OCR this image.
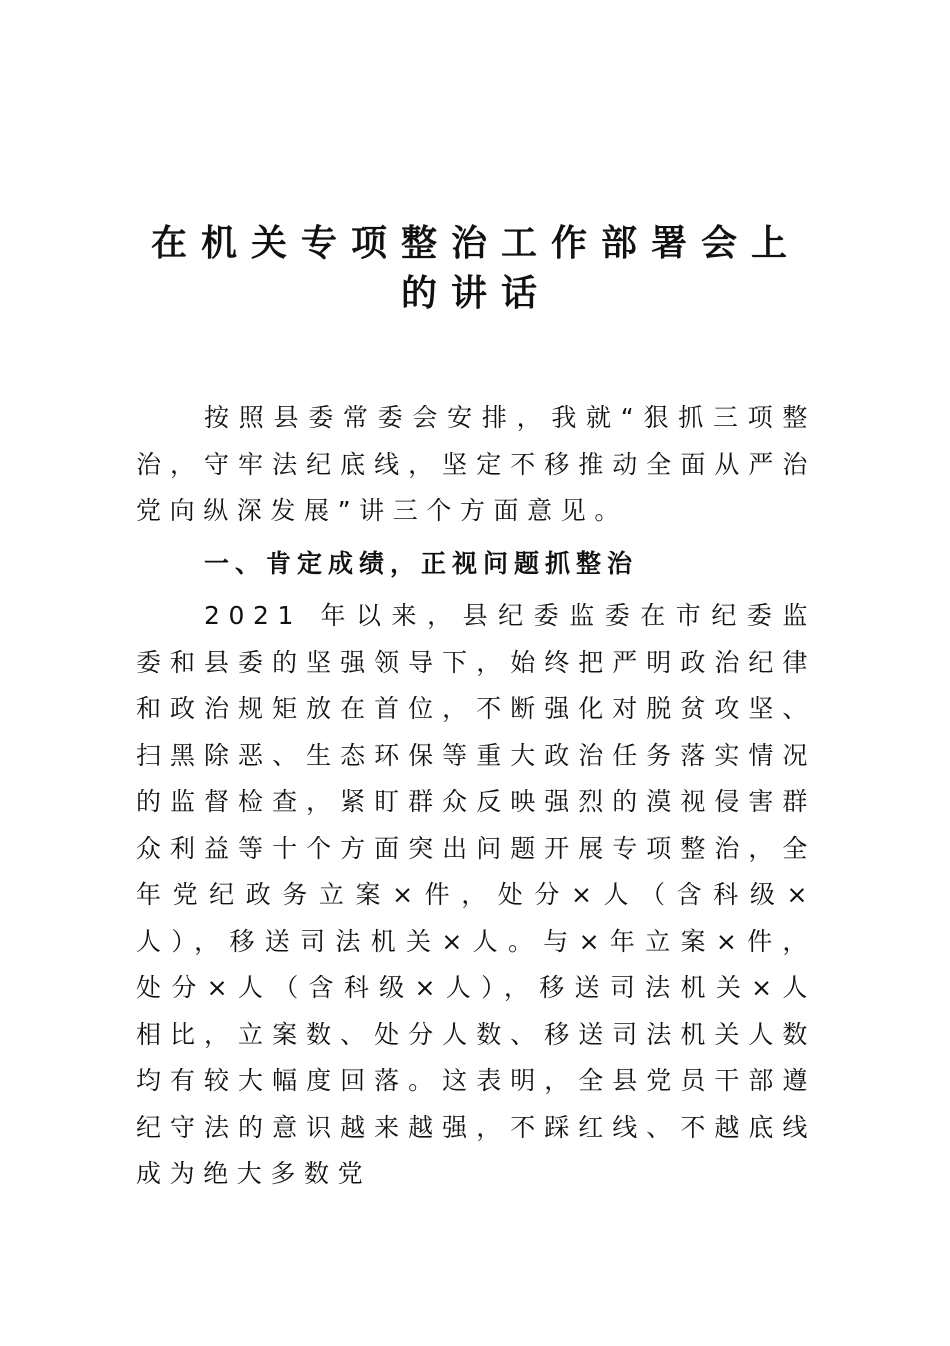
在机关专项整治工作部署会上
的讲话

按照县委常委会安排，我就“狠抓三项整治，守牢法纪底线，坚定不移推动全面从严治党向纵深发展”讲三个方面意见。

一、肯定成绩，正视问题抓整治

2021 年以来，县纪委监委在市纪委监委和县委的坚强领导下，始终把严明政治纪律和政治规矩放在首位，不断强化对脱贫攻坚、扫黑除恶、生态环保等重大政治任务落实情况的监督检查，紧盯群众反映强烈的漠视侵害群众利益等十个方面突出问题开展专项整治，全年党纪政务立案×件，处分×人（含科级×人），移送司法机关×人。与×年立案×件，处分×人（含科级×人），移送司法机关×人相比，立案数、处分人数、移送司法机关人数均有较大幅度回落。这表明，全县党员干部遵纪守法的意识越来越强，不踩红线、不越底线成为绝大多数党
